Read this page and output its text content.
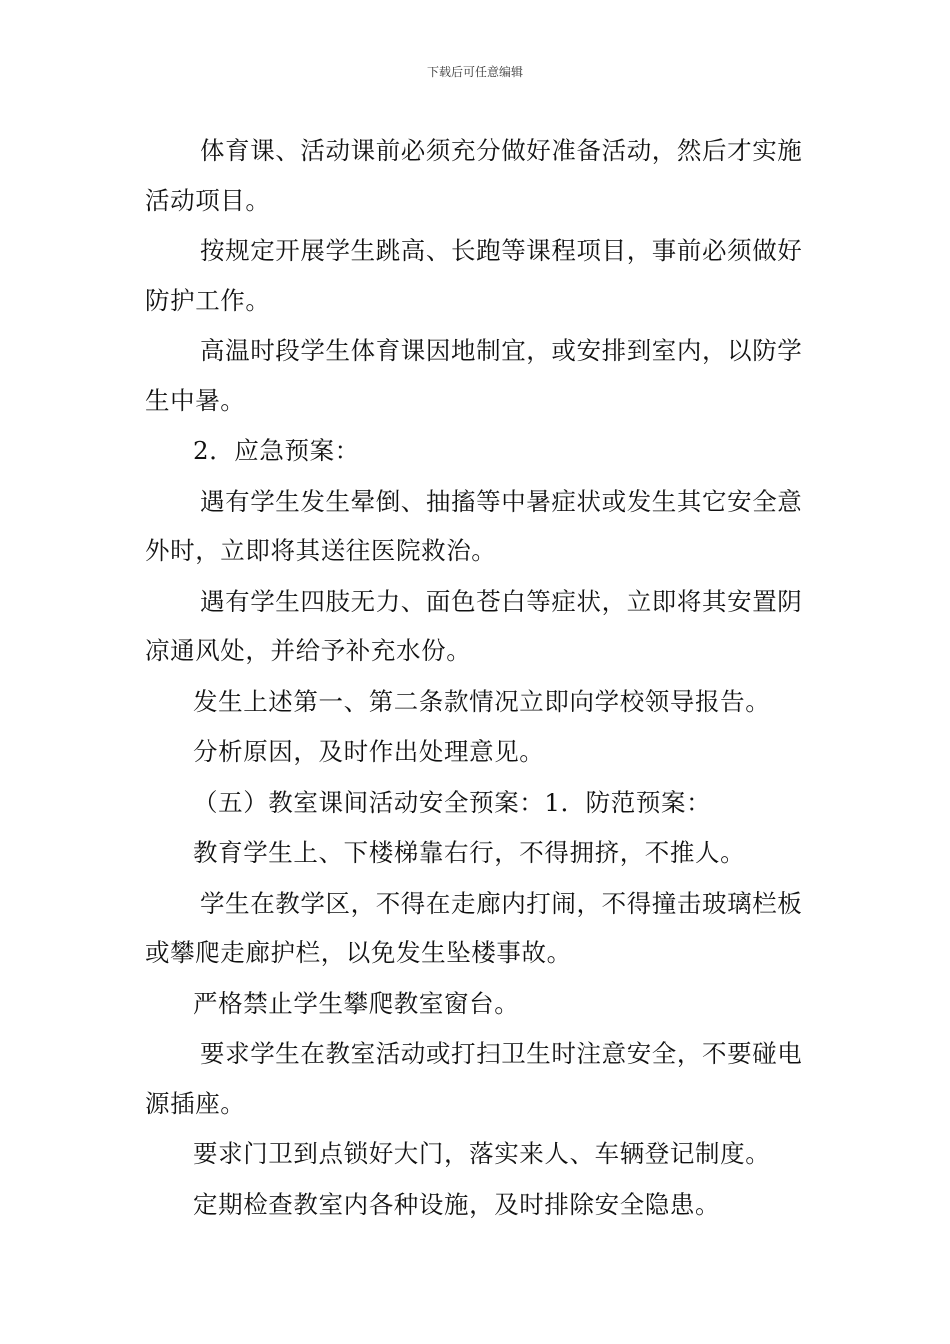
下载后可任意编辑

体育课、活动课前必须充分做好准备活动，然后才实施活动项目。

按规定开展学生跳高、长跑等课程项目，事前必须做好防护工作。

高温时段学生体育课因地制宜，或安排到室内，以防学生中暑。

2．应急预案：

遇有学生发生晕倒、抽搐等中暑症状或发生其它安全意外时，立即将其送往医院救治。

遇有学生四肢无力、面色苍白等症状，立即将其安置阴凉通风处，并给予补充水份。

发生上述第一、第二条款情况立即向学校领导报告。

分析原因，及时作出处理意见。

（五）教室课间活动安全预案：1．防范预案：

教育学生上、下楼梯靠右行，不得拥挤，不推人。

学生在教学区，不得在走廊内打闹，不得撞击玻璃栏板或攀爬走廊护栏，以免发生坠楼事故。

严格禁止学生攀爬教室窗台。

要求学生在教室活动或打扫卫生时注意安全，不要碰电源插座。

要求门卫到点锁好大门，落实来人、车辆登记制度。

定期检查教室内各种设施，及时排除安全隐患。
